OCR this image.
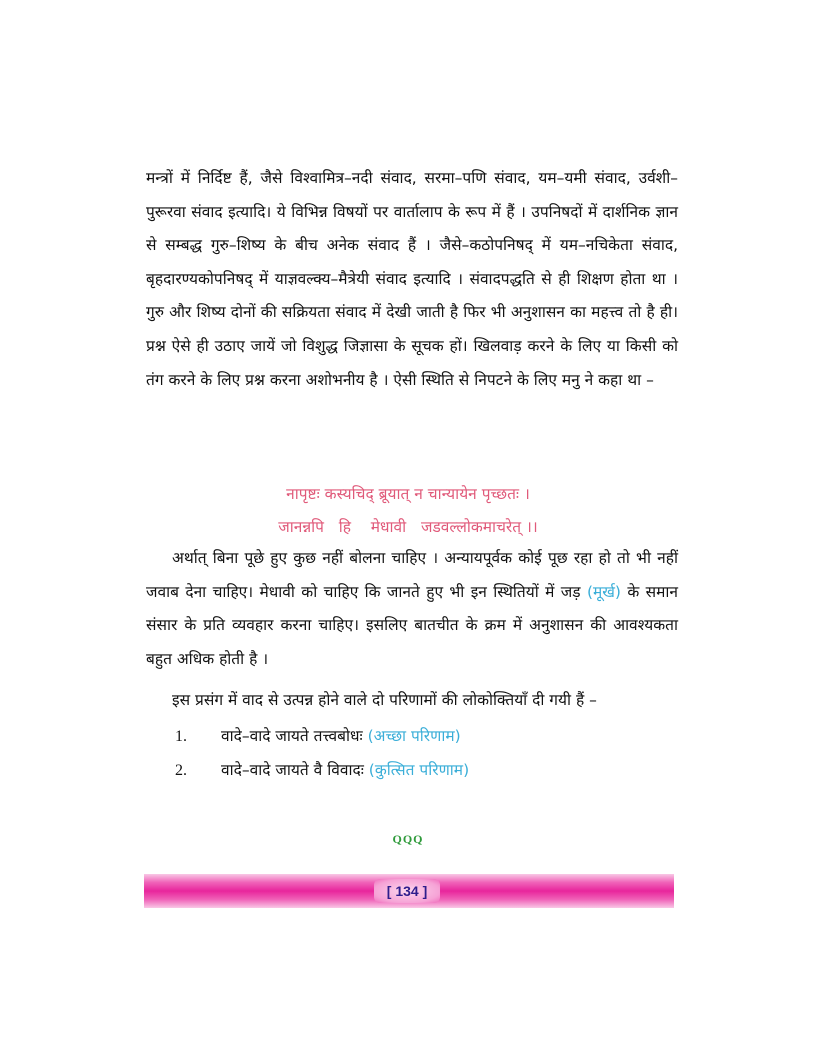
मन्त्रों में निर्दिष्ट हैं, जैसे विश्वामित्र–नदी संवाद, सरमा–पणि संवाद, यम–यमी संवाद, उर्वशी–पुरूरवा संवाद इत्यादि। ये विभिन्न विषयों पर वार्तालाप के रूप में हैं । उपनिषदों में दार्शनिक ज्ञान से सम्बद्ध गुरु–शिष्य के बीच अनेक संवाद हैं । जैसे–कठोपनिषद् में यम–नचिकेता संवाद, बृहदारण्यकोपनिषद् में याज्ञवल्क्य–मैत्रेयी संवाद इत्यादि । संवादपद्धति से ही शिक्षण होता था । गुरु और शिष्य दोनों की सक्रियता संवाद में देखी जाती है फिर भी अनुशासन का महत्त्व तो है ही। प्रश्न ऐसे ही उठाए जायें जो विशुद्ध जिज्ञासा के सूचक हों। खिलवाड़ करने के लिए या किसी को तंग करने के लिए प्रश्न करना अशोभनीय है । ऐसी स्थिति से निपटने के लिए मनु ने कहा था –

नापृष्टः कस्यचिद् ब्रूयात् न चान्यायेन पृच्छतः ।

जानन्नपि   हि    मेधावी   जडवल्लोकमाचरेत् ।।

अर्थात् बिना पूछे हुए कुछ नहीं बोलना चाहिए । अन्यायपूर्वक कोई पूछ रहा हो तो भी नहीं जवाब देना चाहिए। मेधावी को चाहिए कि जानते हुए भी इन स्थितियों में जड़ (मूर्ख) के समान संसार के प्रति व्यवहार करना चाहिए। इसलिए बातचीत के क्रम में अनुशासन की आवश्यकता बहुत अधिक होती है ।

इस प्रसंग में वाद से उत्पन्न होने वाले दो परिणामों की लोकोक्तियाँ दी गयी हैं –

1. वादे–वादे जायते तत्त्वबोधः (अच्छा परिणाम)
2. वादे–वादे जायते वै विवादः (कुत्सित परिणाम)
QQQ
[ 134 ]
